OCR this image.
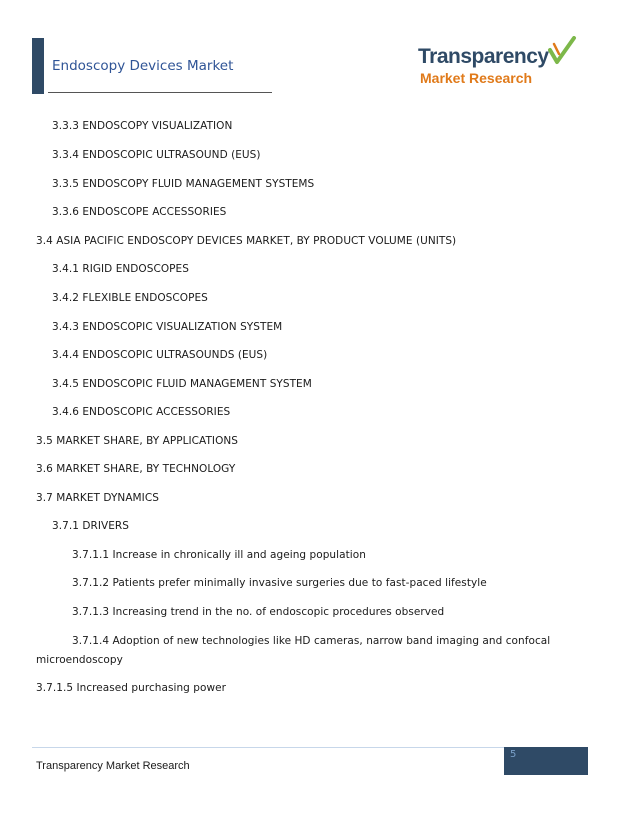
Endoscopy Devices Market	Transparency
Market Research
3.3.3 ENDOSCOPY VISUALIZATION
3.3.4 ENDOSCOPIC ULTRASOUND (EUS)
3.3.5 ENDOSCOPY FLUID MANAGEMENT SYSTEMS
3.3.6 ENDOSCOPE ACCESSORIES
3.4 ASIA PACIFIC ENDOSCOPY DEVICES MARKET, BY PRODUCT VOLUME (UNITS)
3.4.1 RIGID ENDOSCOPES
3.4.2 FLEXIBLE ENDOSCOPES
3.4.3 ENDOSCOPIC VISUALIZATION SYSTEM
3.4.4 ENDOSCOPIC ULTRASOUNDS (EUS)
3.4.5 ENDOSCOPIC FLUID MANAGEMENT SYSTEM
3.4.6 ENDOSCOPIC ACCESSORIES
3.5 MARKET SHARE, BY APPLICATIONS
3.6 MARKET SHARE, BY TECHNOLOGY
3.7 MARKET DYNAMICS
3.7.1 DRIVERS
3.7.1.1 Increase in chronically ill and ageing population
3.7.1.2 Patients prefer minimally invasive surgeries due to fast-paced lifestyle
3.7.1.3 Increasing trend in the no. of endoscopic procedures observed
3.7.1.4 Adoption of new technologies like HD cameras, narrow band imaging and confocal
microendoscopy
3.7.1.5 Increased purchasing power
5
Transparency Market Research
